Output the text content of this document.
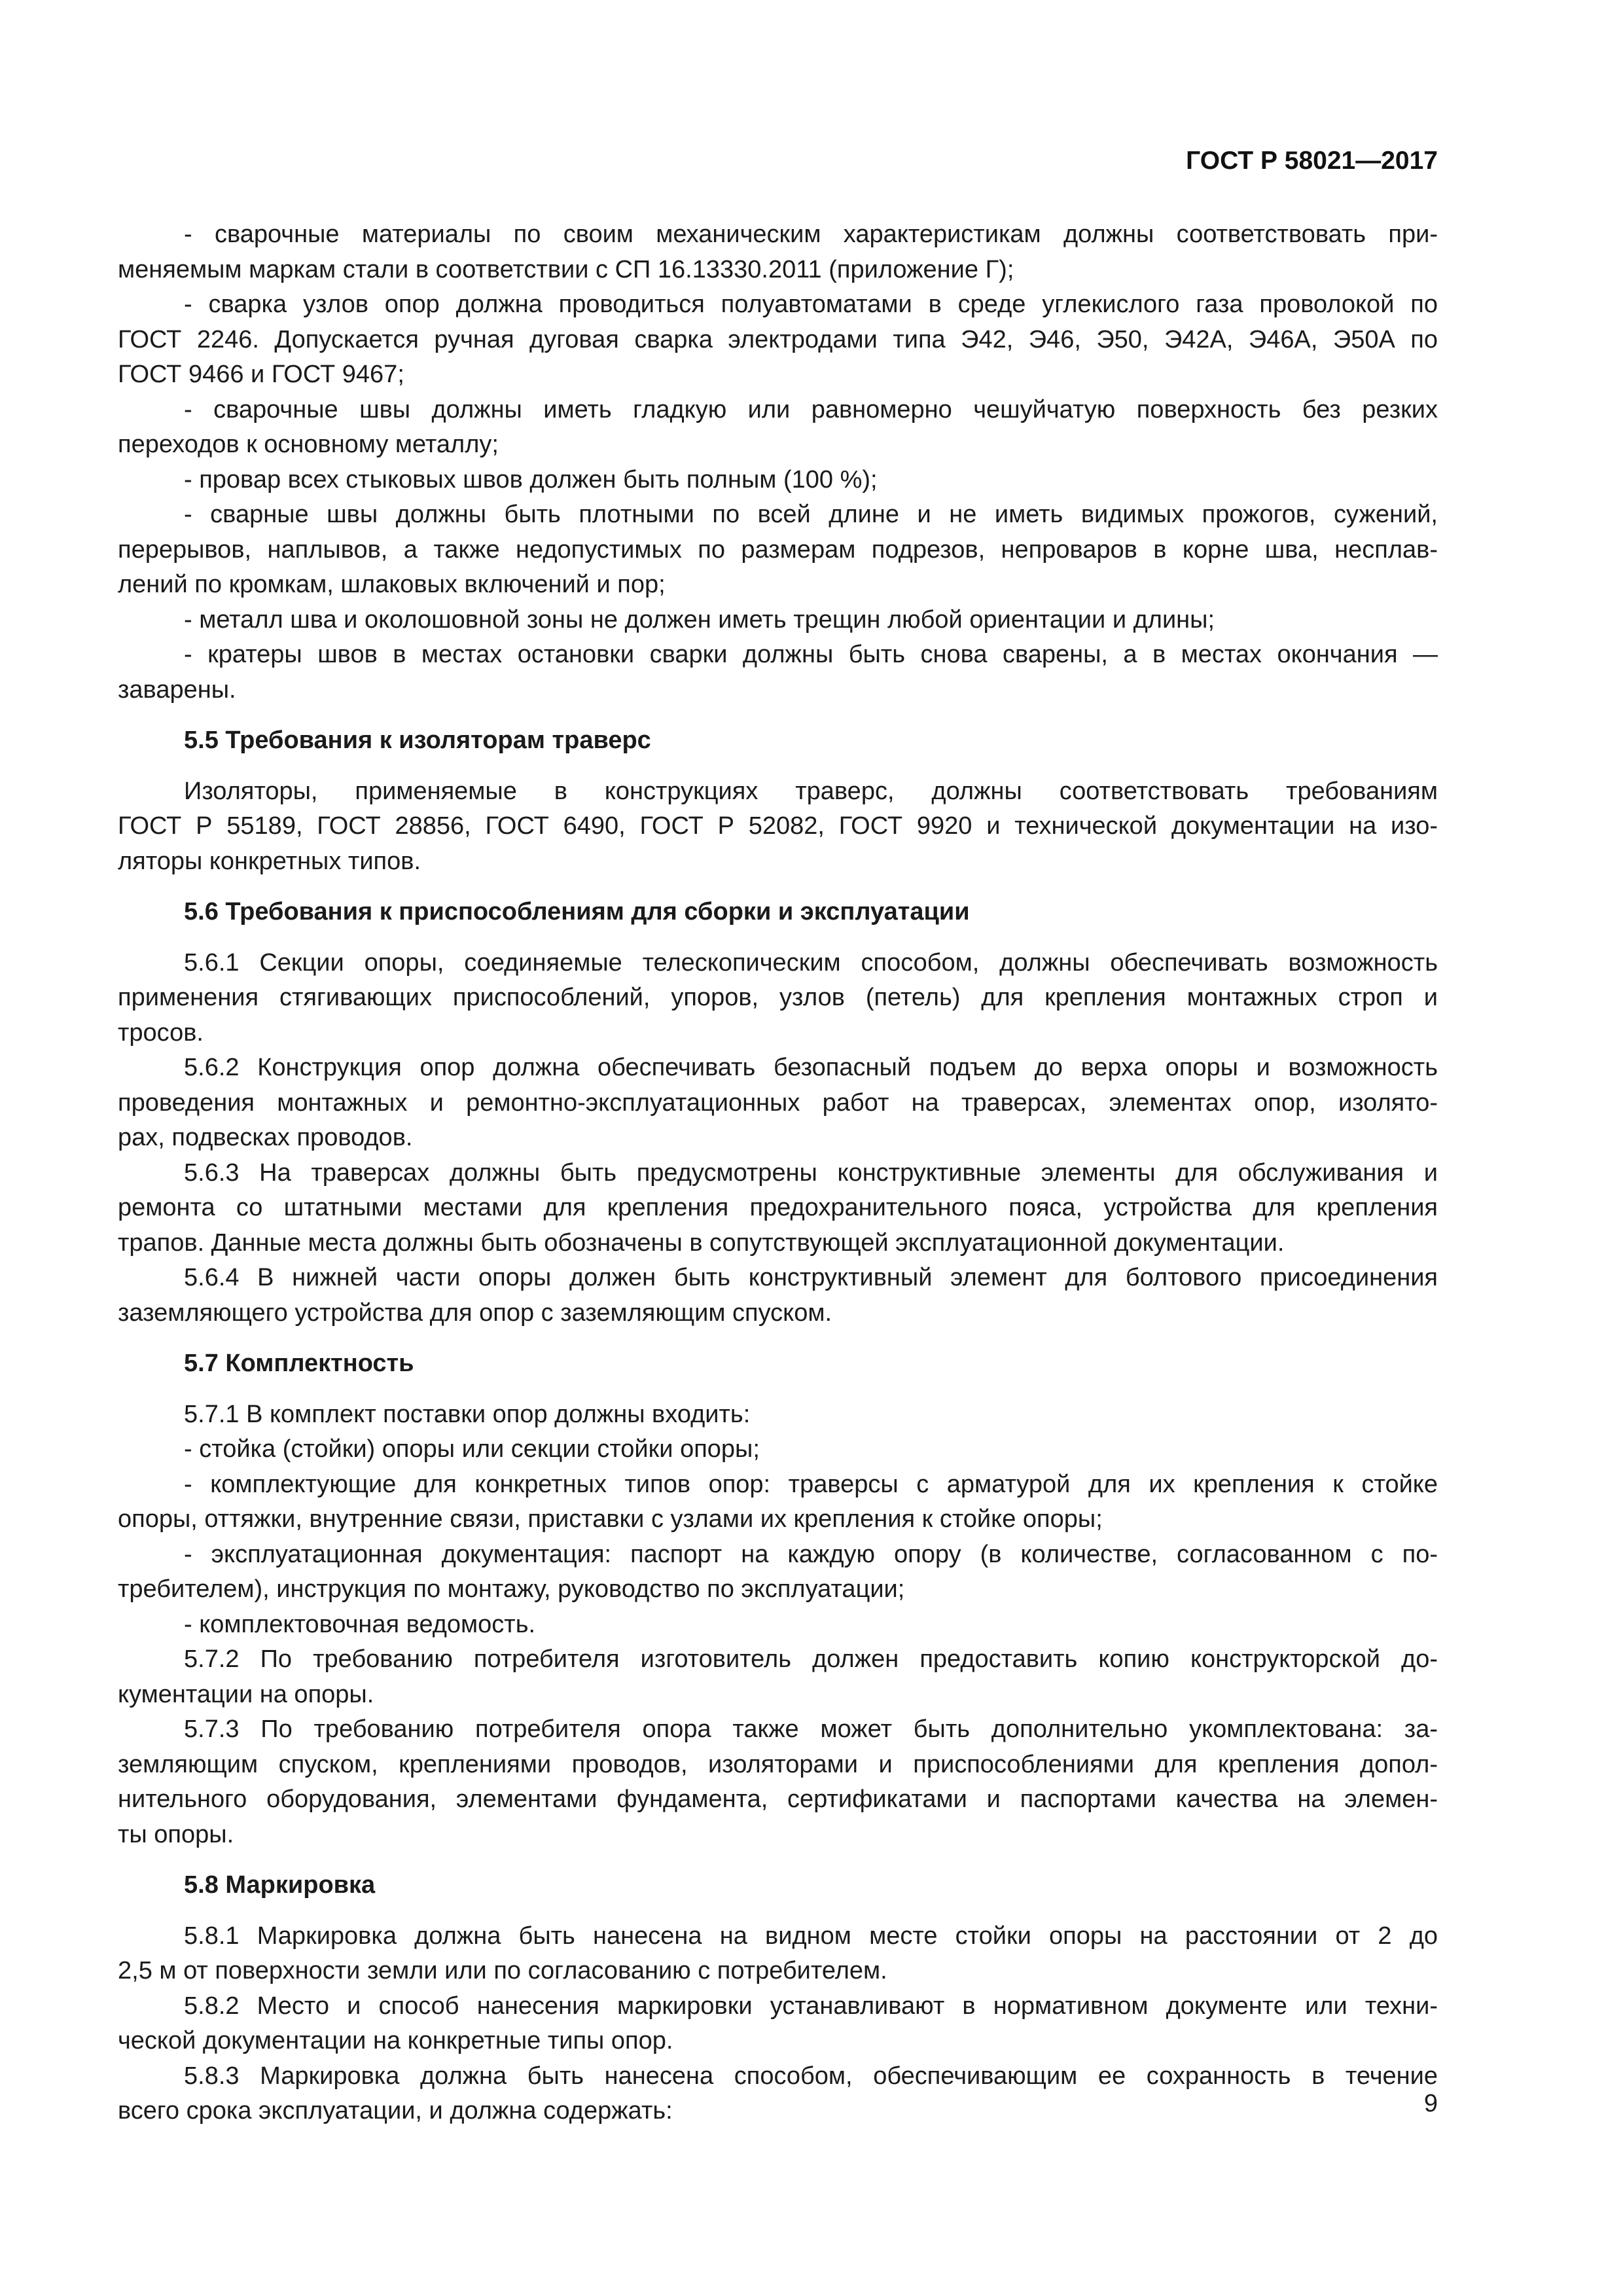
ГОСТ Р 58021—2017
- сварочные материалы по своим механическим характеристикам должны соответствовать при-
меняемым маркам стали в соответствии с СП 16.13330.2011 (приложение Г);
- сварка узлов опор должна проводиться полуавтоматами в среде углекислого газа проволокой по
ГОСТ 2246. Допускается ручная дуговая сварка электродами типа Э42, Э46, Э50, Э42А, Э46А, Э50А по
ГОСТ 9466 и ГОСТ 9467;
- сварочные швы должны иметь гладкую или равномерно чешуйчатую поверхность без резких
переходов к основному металлу;
- провар всех стыковых швов должен быть полным (100 %);
- сварные швы должны быть плотными по всей длине и не иметь видимых прожогов, сужений,
перерывов, наплывов, а также недопустимых по размерам подрезов, непроваров в корне шва, несплав-
лений по кромкам, шлаковых включений и пор;
- металл шва и околошовной зоны не должен иметь трещин любой ориентации и длины;
- кратеры швов в местах остановки сварки должны быть снова сварены, а в местах окончания —
заварены.
5.5 Требования к изоляторам траверс
Изоляторы, применяемые в конструкциях траверс, должны соответствовать требованиям
ГОСТ Р 55189, ГОСТ 28856, ГОСТ 6490, ГОСТ Р 52082, ГОСТ 9920 и технической документации на изо-
ляторы конкретных типов.
5.6 Требования к приспособлениям для сборки и эксплуатации
5.6.1 Секции опоры, соединяемые телескопическим способом, должны обеспечивать возможность
применения стягивающих приспособлений, упоров, узлов (петель) для крепления монтажных строп и
тросов.
5.6.2 Конструкция опор должна обеспечивать безопасный подъем до верха опоры и возможность
проведения монтажных и ремонтно-эксплуатационных работ на траверсах, элементах опор, изолято-
рах, подвесках проводов.
5.6.3 На траверсах должны быть предусмотрены конструктивные элементы для обслуживания и
ремонта со штатными местами для крепления предохранительного пояса, устройства для крепления
трапов. Данные места должны быть обозначены в сопутствующей эксплуатационной документации.
5.6.4 В нижней части опоры должен быть конструктивный элемент для болтового присоединения
заземляющего устройства для опор с заземляющим спуском.
5.7 Комплектность
5.7.1 В комплект поставки опор должны входить:
- стойка (стойки) опоры или секции стойки опоры;
- комплектующие для конкретных типов опор: траверсы с арматурой для их крепления к стойке
опоры, оттяжки, внутренние связи, приставки с узлами их крепления к стойке опоры;
- эксплуатационная документация: паспорт на каждую опору (в количестве, согласованном с по-
требителем), инструкция по монтажу, руководство по эксплуатации;
- комплектовочная ведомость.
5.7.2 По требованию потребителя изготовитель должен предоставить копию конструкторской до-
кументации на опоры.
5.7.3 По требованию потребителя опора также может быть дополнительно укомплектована: за-
земляющим спуском, креплениями проводов, изоляторами и приспособлениями для крепления допол-
нительного оборудования, элементами фундамента, сертификатами и паспортами качества на элемен-
ты опоры.
5.8 Маркировка
5.8.1 Маркировка должна быть нанесена на видном месте стойки опоры на расстоянии от 2 до
2,5 м от поверхности земли или по согласованию с потребителем.
5.8.2 Место и способ нанесения маркировки устанавливают в нормативном документе или техни-
ческой документации на конкретные типы опор.
5.8.3 Маркировка должна быть нанесена способом, обеспечивающим ее сохранность в течение
всего срока эксплуатации, и должна содержать:	9
